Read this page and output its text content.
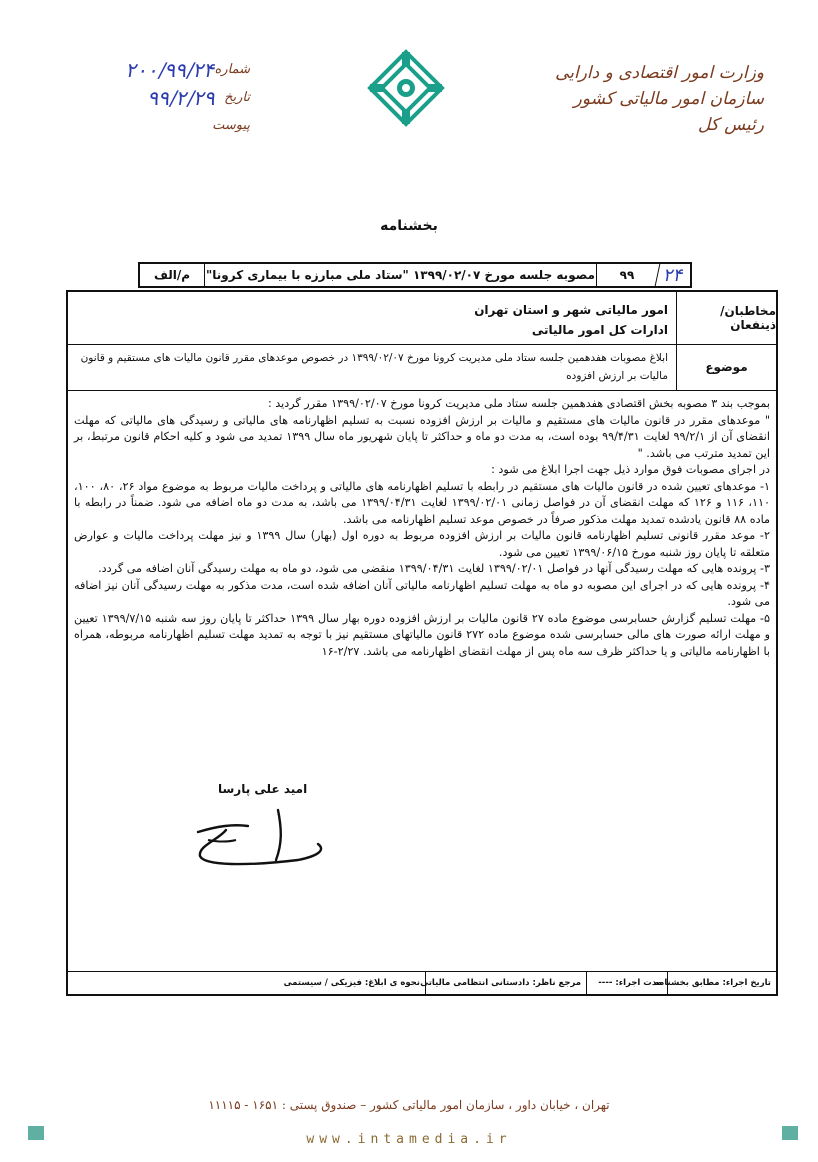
وزارت امور اقتصادی و دارایی
سازمان امور مالیاتی کشور
رئیس کل
شماره
۲۰۰/۹۹/۲۴
تاریخ
۹۹/۲/۲۹
پیوست
بخشنامه
۲۴
۹۹
مصوبه جلسه مورخ ۱۳۹۹/۰۲/۰۷ "ستاد ملی مبارزه با بیماری کرونا"
م/الف
مخاطبان/ذینفعان
امور مالیاتی شهر و استان تهران
ادارات کل امور مالیاتی
موضوع
ابلاغ مصوبات هفدهمین جلسه ستاد ملی مدیریت کرونا مورخ ۱۳۹۹/۰۲/۰۷ در خصوص موعدهای مقرر قانون مالیات های مستقیم و قانون
مالیات بر ارزش افزوده

بموجب بند ۳ مصوبه بخش اقتصادی هفدهمین جلسه ستاد ملی مدیریت کرونا مورخ ۱۳۹۹/۰۲/۰۷ مقرر گردید :

" موعدهای مقرر در قانون مالیات های مستقیم و مالیات بر ارزش افزوده نسبت به تسلیم اظهارنامه های مالیاتی و رسیدگی های مالیاتی که مهلت انقضای آن از ۹۹/۲/۱ لغایت ۹۹/۴/۳۱ بوده است، به مدت دو ماه و حداکثر تا پایان شهریور ماه سال ۱۳۹۹ تمدید می شود و کلیه احکام قانون مرتبط، بر این تمدید مترتب می باشد. "

در اجرای مصوبات فوق موارد ذیل جهت اجرا ابلاغ می شود :

۱- موعدهای تعیین شده در قانون مالیات های مستقیم در رابطه با تسلیم اظهارنامه های مالیاتی و پرداخت مالیات مربوط به موضوع مواد ۲۶، ۸۰، ۱۰۰، ۱۱۰، ۱۱۶ و ۱۲۶ که مهلت انقضای آن در فواصل زمانی ۱۳۹۹/۰۲/۰۱ لغایت ۱۳۹۹/۰۴/۳۱ می باشد، به مدت دو ماه اضافه می شود. ضمناً در رابطه با ماده ۸۸ قانون یادشده تمدید مهلت مذکور صرفاً در خصوص موعد تسلیم اظهارنامه می باشد.

۲- موعد مقرر قانونی تسلیم اظهارنامه قانون مالیات بر ارزش افزوده مربوط به دوره اول (بهار) سال ۱۳۹۹ و نیز مهلت پرداخت مالیات و عوارض متعلقه تا پایان روز شنبه مورخ ۱۳۹۹/۰۶/۱۵ تعیین می شود.

۳- پرونده هایی که مهلت رسیدگی آنها در فواصل ۱۳۹۹/۰۲/۰۱ لغایت ۱۳۹۹/۰۴/۳۱ منقضی می شود، دو ماه به مهلت رسیدگی آنان اضافه می گردد.

۴- پرونده هایی که در اجرای این مصوبه دو ماه به مهلت تسلیم اظهارنامه مالیاتی آنان اضافه شده است، مدت مذکور به مهلت رسیدگی آنان نیز اضافه می شود.

۵- مهلت تسلیم گزارش حسابرسی موضوع ماده ۲۷ قانون مالیات بر ارزش افزوده دوره بهار سال ۱۳۹۹ حداکثر تا پایان روز سه شنبه ۱۳۹۹/۷/۱۵ تعیین و مهلت ارائه صورت های مالی حسابرسی شده موضوع ماده ۲۷۲ قانون مالیاتهای مستقیم نیز با توجه به تمدید مهلت تسلیم اظهارنامه مربوطه، همراه با اظهارنامه مالیاتی و یا حداکثر ظرف سه ماه پس از مهلت انقضای اظهارنامه می باشد. ۲/۲۷-۱۶

امید علی پارسا
تاریخ اجراء: مطابق بخشنامه
مدت اجراء: ----
مرجع ناظر: دادستانی انتظامی مالیاتی
نحوه ی ابلاغ: فیزیکی / سیستمی
تهران ، خیابان داور ، سازمان امور مالیاتی کشور – صندوق پستی : ۱۶۵۱ - ۱۱۱۱۵
www.intamedia.ir
